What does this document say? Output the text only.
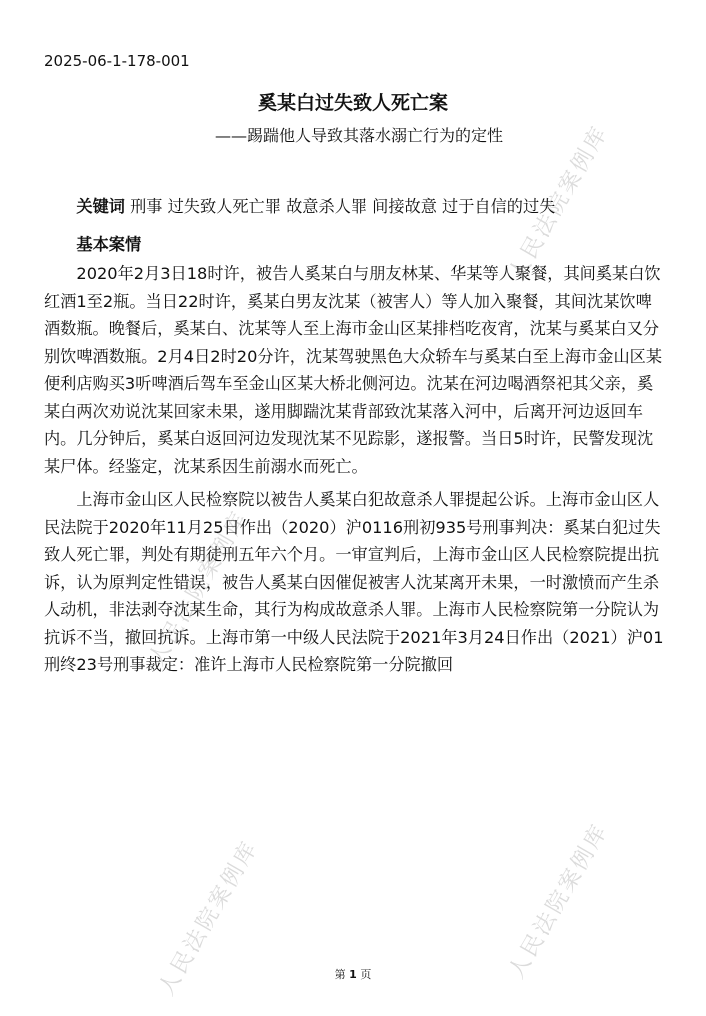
人民法院案例库
人民法院案例库
人民法院案例库
人民法院案例库
2025-06-1-178-001
奚某白过失致人死亡案
——踢踹他人导致其落水溺亡行为的定性

关键词 刑事 过失致人死亡罪 故意杀人罪 间接故意 过于自信的过失

基本案情

2020年2月3日18时许，被告人奚某白与朋友林某、华某等人聚餐，其间奚某白饮红酒1至2瓶。当日22时许，奚某白男友沈某（被害人）等人加入聚餐，其间沈某饮啤酒数瓶。晚餐后，奚某白、沈某等人至上海市金山区某排档吃夜宵，沈某与奚某白又分别饮啤酒数瓶。2月4日2时20分许，沈某驾驶黑色大众轿车与奚某白至上海市金山区某便利店购买3听啤酒后驾车至金山区某大桥北侧河边。沈某在河边喝酒祭祀其父亲，奚某白两次劝说沈某回家未果，遂用脚踹沈某背部致沈某落入河中，后离开河边返回车内。几分钟后，奚某白返回河边发现沈某不见踪影，遂报警。当日5时许，民警发现沈某尸体。经鉴定，沈某系因生前溺水而死亡。

上海市金山区人民检察院以被告人奚某白犯故意杀人罪提起公诉。上海市金山区人民法院于2020年11月25日作出（2020）沪0116刑初935号刑事判决：奚某白犯过失致人死亡罪，判处有期徒刑五年六个月。一审宣判后，上海市金山区人民检察院提出抗诉，认为原判定性错误，被告人奚某白因催促被害人沈某离开未果，一时激愤而产生杀人动机，非法剥夺沈某生命，其行为构成故意杀人罪。上海市人民检察院第一分院认为抗诉不当，撤回抗诉。上海市第一中级人民法院于2021年3月24日作出（2021）沪01刑终23号刑事裁定：准许上海市人民检察院第一分院撤回

第 1 页
